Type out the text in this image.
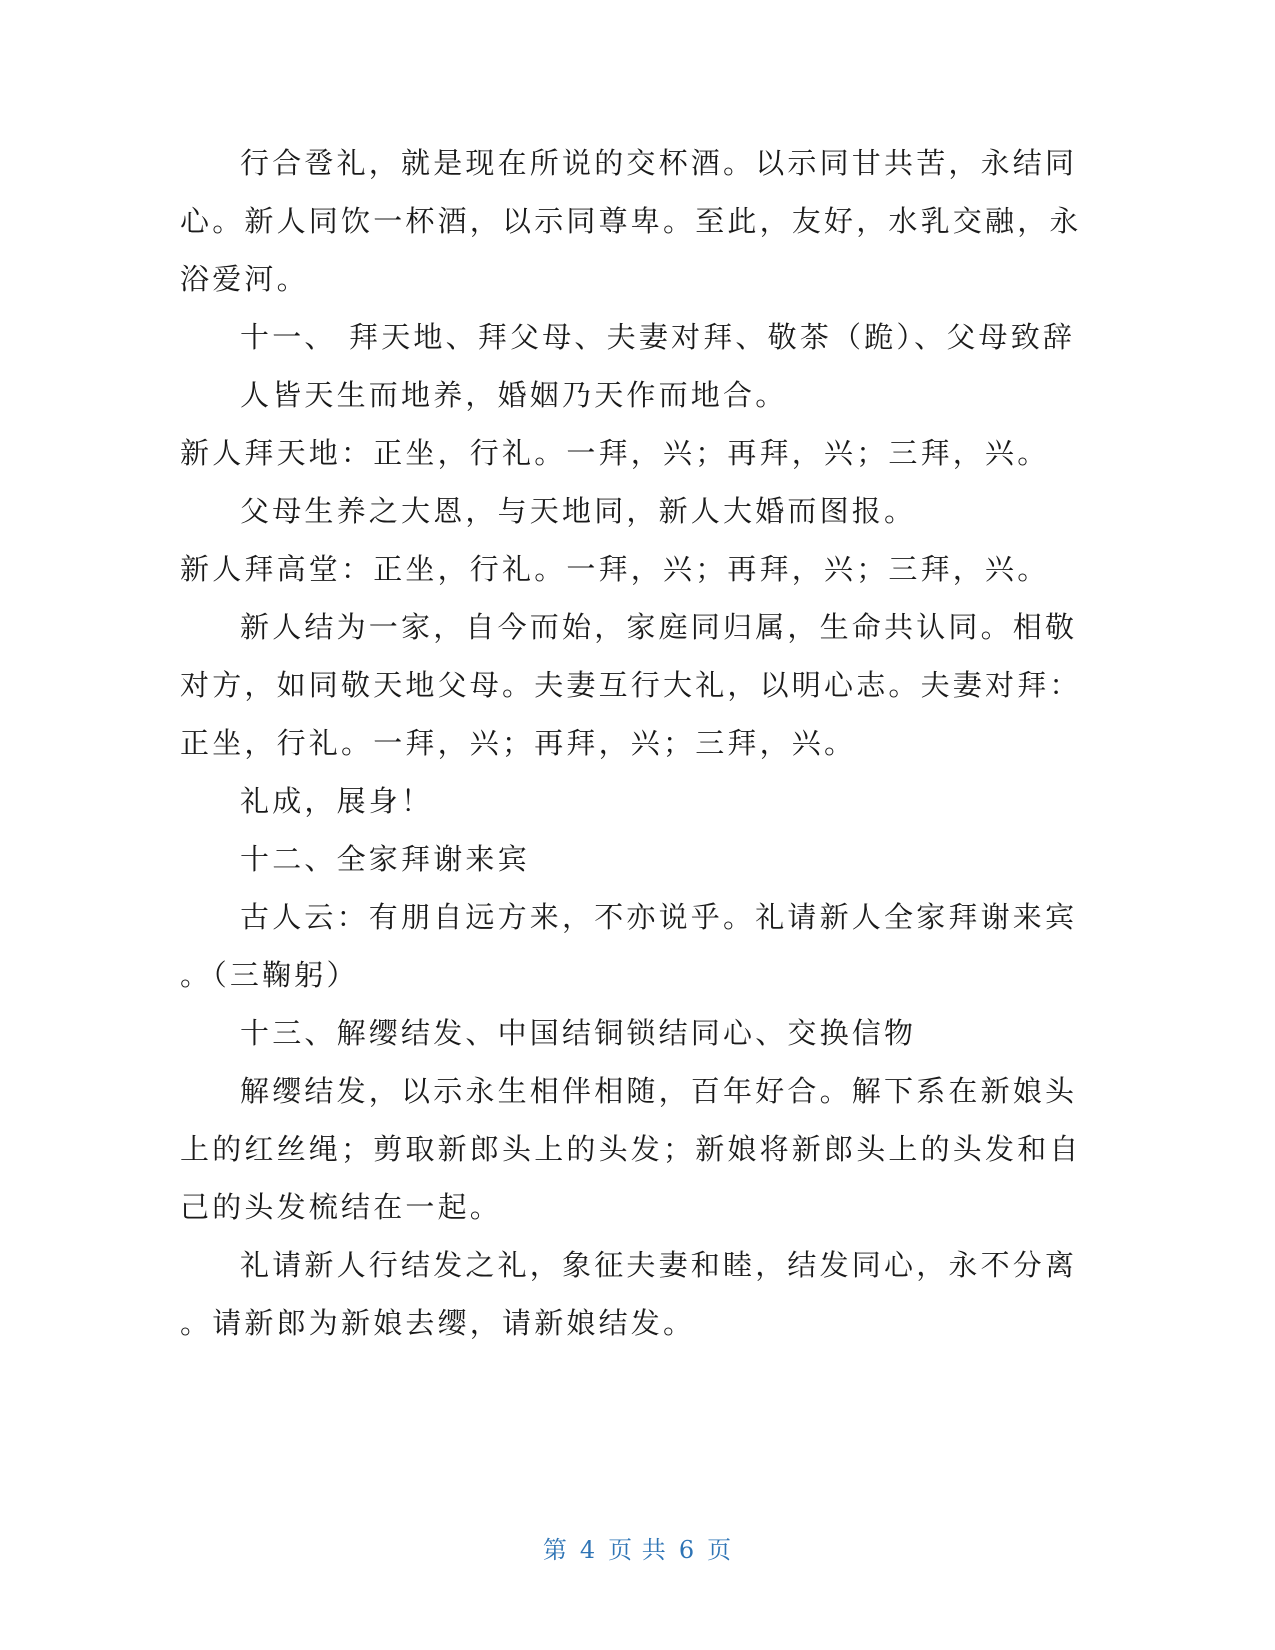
行合卺礼，就是现在所说的交杯酒。以示同甘共苦，永结同
心。新人同饮一杯酒，以示同尊卑。至此，友好，水乳交融，永
浴爱河。
十一、 拜天地、拜父母、夫妻对拜、敬茶（跪）、父母致辞
人皆天生而地养，婚姻乃天作而地合。
新人拜天地：正坐，行礼。一拜，兴；再拜，兴；三拜，兴。
父母生养之大恩，与天地同，新人大婚而图报。
新人拜高堂：正坐，行礼。一拜，兴；再拜，兴；三拜，兴。
新人结为一家，自今而始，家庭同归属，生命共认同。相敬
对方，如同敬天地父母。夫妻互行大礼，以明心志。夫妻对拜：
正坐，行礼。一拜，兴；再拜，兴；三拜，兴。
礼成，展身！
十二、全家拜谢来宾
古人云：有朋自远方来，不亦说乎。礼请新人全家拜谢来宾
。（三鞠躬）
十三、解缨结发、中国结铜锁结同心、交换信物
解缨结发，以示永生相伴相随，百年好合。解下系在新娘头
上的红丝绳；剪取新郎头上的头发；新娘将新郎头上的头发和自
己的头发梳结在一起。
礼请新人行结发之礼，象征夫妻和睦，结发同心，永不分离
。请新郎为新娘去缨，请新娘结发。
第 4 页 共 6 页
